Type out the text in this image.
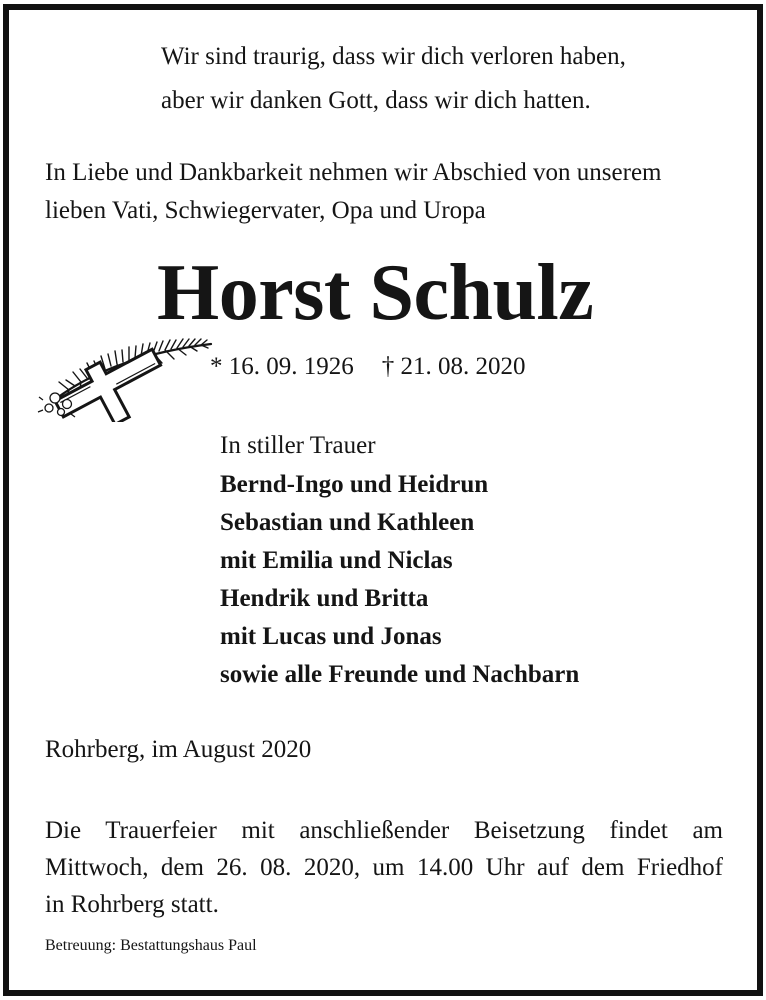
Wir sind traurig, dass wir dich verloren haben,
aber wir danken Gott, dass wir dich hatten.
In Liebe und Dankbarkeit nehmen wir Abschied von unserem
lieben Vati, Schwiegervater, Opa und Uropa
Horst Schulz
* 16. 09. 1926 † 21. 08. 2020
In stiller Trauer
Bernd-Ingo und Heidrun
Sebastian und Kathleen
mit Emilia und Niclas
Hendrik und Britta
mit Lucas und Jonas
sowie alle Freunde und Nachbarn
Rohrberg, im August 2020
Die Trauerfeier mit anschließender Beisetzung findet am
Mittwoch, dem 26. 08. 2020, um 14.00 Uhr auf dem Friedhof
in Rohrberg statt.
Betreuung: Bestattungshaus Paul
